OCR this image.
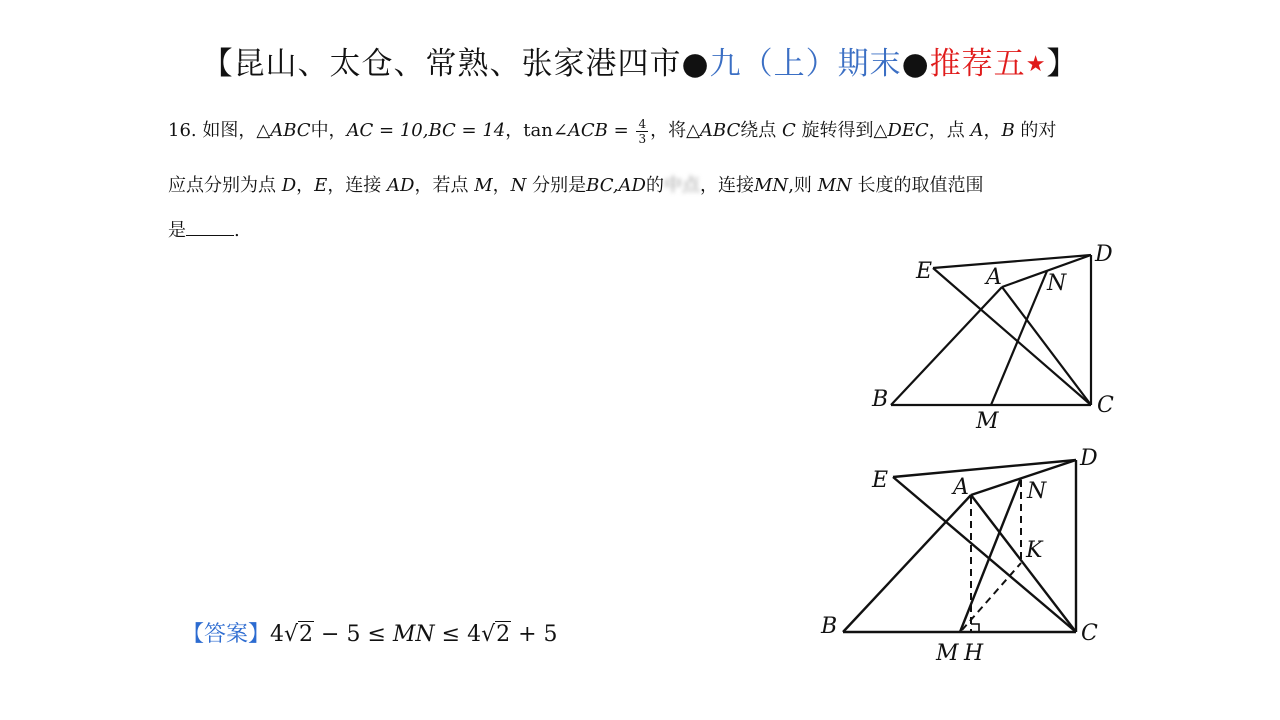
【昆山、太仓、常熟、张家港四市●九（上）期末●推荐五★】
16. 如图，△ABC中，AC = 10,BC = 14，tan∠ACB = $\frac{4}{3}$ ，将△ABC绕点 C 旋转得到△DEC，点 A，B 的对
应点分别为点 D，E，连接 AD，若点 M，N 分别是BC,AD的中点，连接MN,则 MN 长度的取值范围
是	.
E A N
D
B
M
C
E	A	N
D
K
B
M H
C
【答案】4√2 − 5 ≤ MN ≤ 4√2 + 5
